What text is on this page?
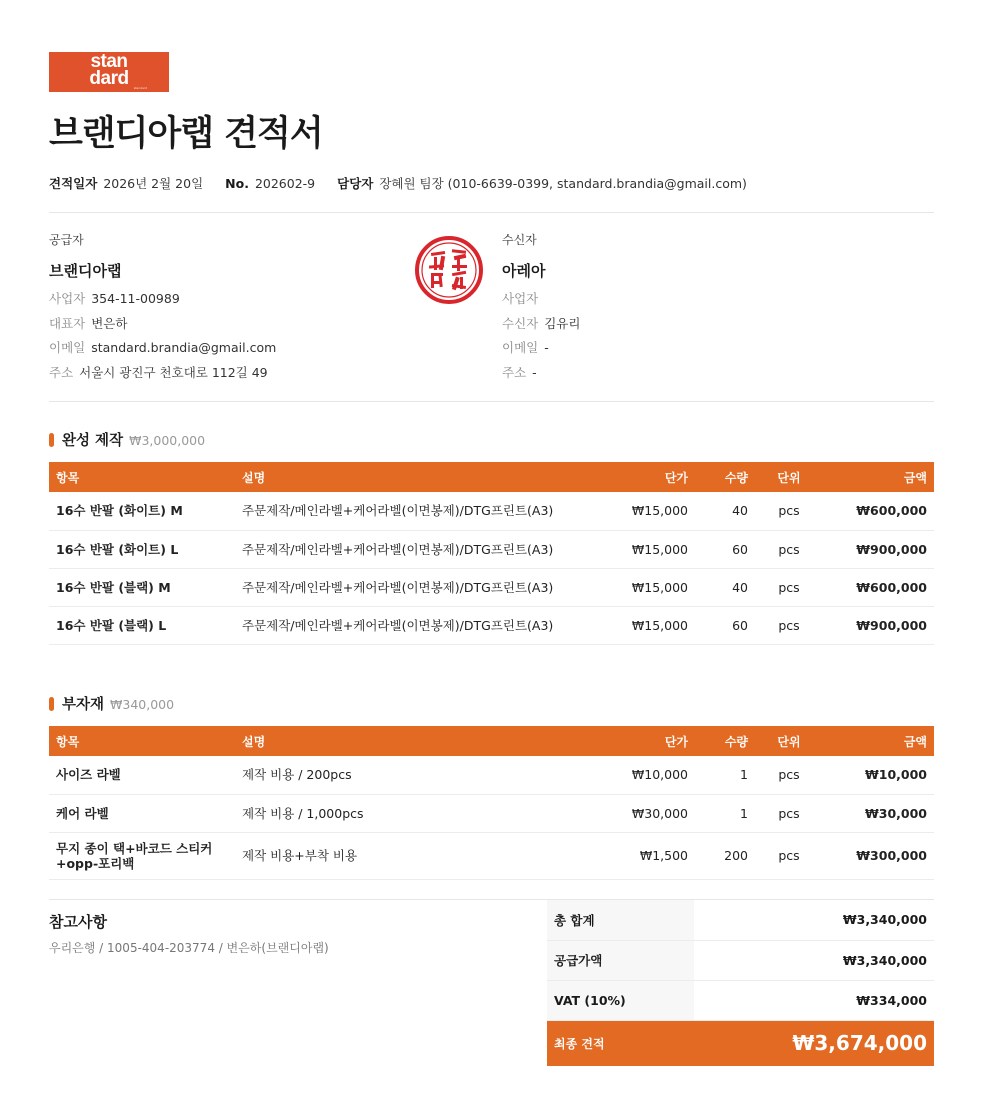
stan
dard	standard
브랜디아랩 견적서
견적일자 2026년 2월 20일 No. 202602-9 담당자 장혜원 팀장 (010-6639-0399, standard.brandia@gmail.com)
공급자
브랜디아랩
사업자 354-11-00989
대표자 변은하
이메일 standard.brandia@gmail.com
주소 서울시 광진구 천호대로 112길 49
수신자
아레아
사업자
수신자 김유리
이메일 -
주소 -
완성 제작 ₩3,000,000
항목	설명	단가	수량	단위	금액
16수 반팔 (화이트) M	주문제작/메인라벨+케어라벨(이면봉제)/DTG프린트(A3)	₩15,000	40	pcs	₩600,000
16수 반팔 (화이트) L	주문제작/메인라벨+케어라벨(이면봉제)/DTG프린트(A3)	₩15,000	60	pcs	₩900,000
16수 반팔 (블랙) M	주문제작/메인라벨+케어라벨(이면봉제)/DTG프린트(A3)	₩15,000	40	pcs	₩600,000
16수 반팔 (블랙) L	주문제작/메인라벨+케어라벨(이면봉제)/DTG프린트(A3)	₩15,000	60	pcs	₩900,000
부자재 ₩340,000
항목	설명	단가	수량	단위	금액
사이즈 라벨	제작 비용 / 200pcs	₩10,000	1	pcs	₩10,000
케어 라벨	제작 비용 / 1,000pcs	₩30,000	1	pcs	₩30,000
무지 종이 택+바코드 스티커+opp-포리백	제작 비용+부착 비용	₩1,500	200	pcs	₩300,000
참고사항
우리은행 / 1005-404-203774 / 변은하(브랜디아랩)
총 합계	₩3,340,000
공급가액	₩3,340,000
VAT (10%)	₩334,000
최종 견적	₩3,674,000
